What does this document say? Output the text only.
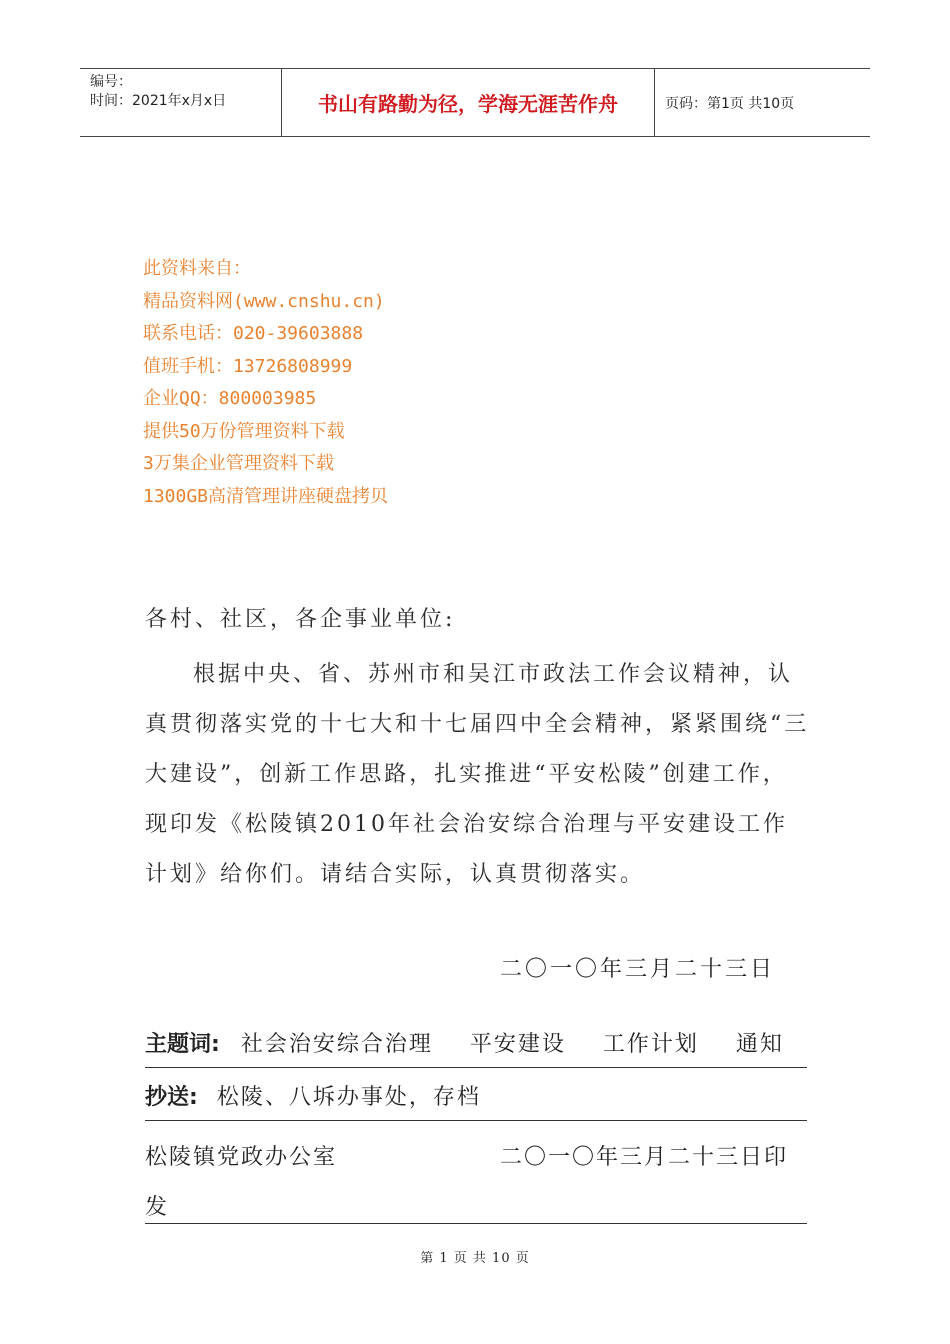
编号：
时间：2021年x月x日	书山有路勤为径，学海无涯苦作舟	页码：第1页 共10页
此资料来自：
精品资料网(www.cnshu.cn)
联系电话：020-39603888
值班手机：13726808999
企业QQ：800003985
提供50万份管理资料下载
3万集企业管理资料下载
1300GB高清管理讲座硬盘拷贝
各村、社区，各企事业单位:
根据中央、省、苏州市和吴江市政法工作会议精神，认真贯彻落实党的十七大和十七届四中全会精神，紧紧围绕“三大建设”，创新工作思路，扎实推进“平安松陵”创建工作，现印发《松陵镇2010年社会治安综合治理与平安建设工作计划》给你们。请结合实际，认真贯彻落实。
二〇一〇年三月二十三日
主题词: 社会治安综合治理 平安建设 工作计划 通知
抄送: 松陵、八坼办事处，存档
松陵镇党政办公室	二〇一〇年三月二十三日印
发
第 1 页 共 10 页
